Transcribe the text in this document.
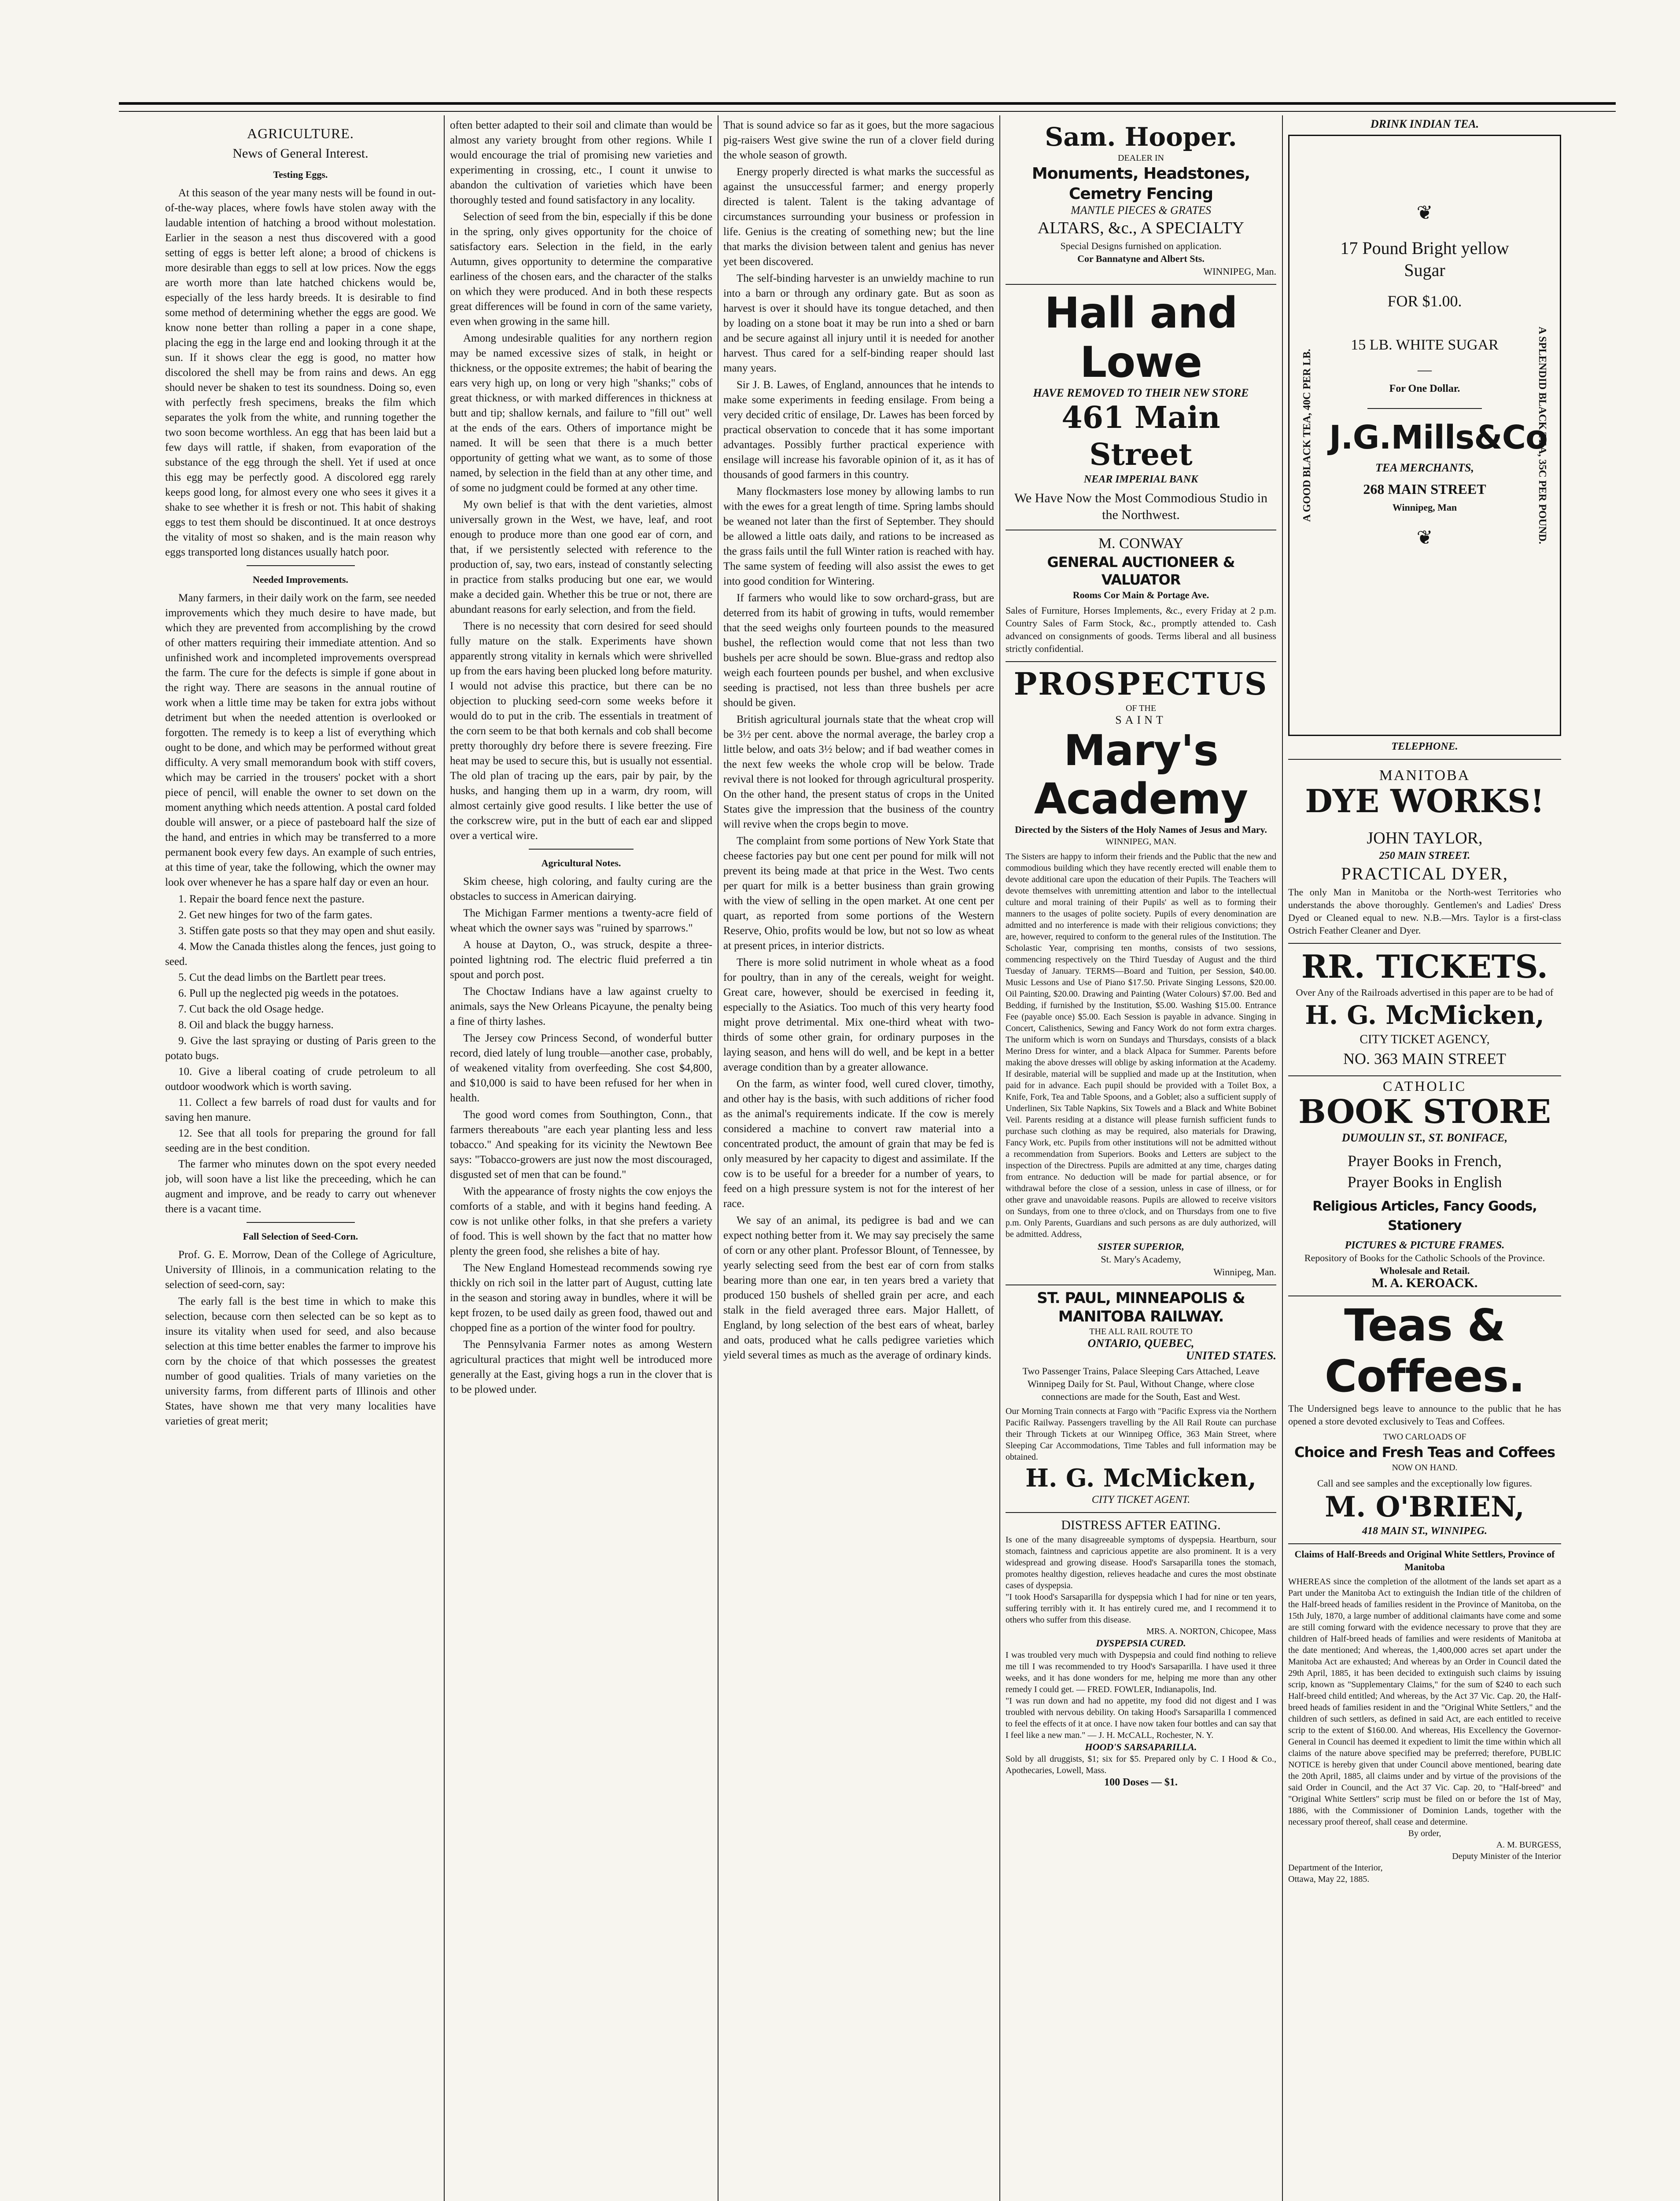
AGRICULTURE.
News of General Interest.
Testing Eggs.

At this season of the year many nests will be found in out-of-the-way places, where fowls have stolen away with the laudable intention of hatching a brood without molestation. Earlier in the season a nest thus discovered with a good setting of eggs is better left alone; a brood of chickens is more desirable than eggs to sell at low prices. Now the eggs are worth more than late hatched chickens would be, especially of the less hardy breeds. It is desirable to find some method of determining whether the eggs are good. We know none better than rolling a paper in a cone shape, placing the egg in the large end and looking through it at the sun. If it shows clear the egg is good, no matter how discolored the shell may be from rains and dews. An egg should never be shaken to test its soundness. Doing so, even with perfectly fresh specimens, breaks the film which separates the yolk from the white, and running together the two soon become worthless. An egg that has been laid but a few days will rattle, if shaken, from evaporation of the substance of the egg through the shell. Yet if used at once this egg may be perfectly good. A discolored egg rarely keeps good long, for almost every one who sees it gives it a shake to see whether it is fresh or not. This habit of shaking eggs to test them should be discontinued. It at once destroys the vitality of most so shaken, and is the main reason why eggs transported long distances usually hatch poor.

Needed Improvements.

Many farmers, in their daily work on the farm, see needed improvements which they much desire to have made, but which they are prevented from accomplishing by the crowd of other matters requiring their immediate attention. And so unfinished work and incompleted improvements overspread the farm. The cure for the defects is simple if gone about in the right way. There are seasons in the annual routine of work when a little time may be taken for extra jobs without detriment but when the needed attention is overlooked or forgotten. The remedy is to keep a list of everything which ought to be done, and which may be performed without great difficulty. A very small memorandum book with stiff covers, which may be carried in the trousers' pocket with a short piece of pencil, will enable the owner to set down on the moment anything which needs attention. A postal card folded double will answer, or a piece of pasteboard half the size of the hand, and entries in which may be transferred to a more permanent book every few days. An example of such entries, at this time of year, take the following, which the owner may look over whenever he has a spare half day or even an hour.

1. Repair the board fence next the pasture.
2. Get new hinges for two of the farm gates.
3. Stiffen gate posts so that they may open and shut easily.
4. Mow the Canada thistles along the fences, just going to seed.
5. Cut the dead limbs on the Bartlett pear trees.
6. Pull up the neglected pig weeds in the potatoes.
7. Cut back the old Osage hedge.
8. Oil and black the buggy harness.
9. Give the last spraying or dusting of Paris green to the potato bugs.
10. Give a liberal coating of crude petroleum to all outdoor woodwork which is worth saving.
11. Collect a few barrels of road dust for vaults and for saving hen manure.
12. See that all tools for preparing the ground for fall seeding are in the best condition.

The farmer who minutes down on the spot every needed job, will soon have a list like the preceeding, which he can augment and improve, and be ready to carry out whenever there is a vacant time.

Fall Selection of Seed-Corn.

Prof. G. E. Morrow, Dean of the College of Agriculture, University of Illinois, in a communication relating to the selection of seed-corn, say:

The early fall is the best time in which to make this selection, because corn then selected can be so kept as to insure its vitality when used for seed, and also because selection at this time better enables the farmer to improve his corn by the choice of that which possesses the greatest number of good qualities. Trials of many varieties on the university farms, from different parts of Illinois and other States, have shown me that very many localities have varieties of great merit;

often better adapted to their soil and climate than would be almost any variety brought from other regions. While I would encourage the trial of promising new varieties and experimenting in crossing, etc., I count it unwise to abandon the cultivation of varieties which have been thoroughly tested and found satisfactory in any locality.

Selection of seed from the bin, especially if this be done in the spring, only gives opportunity for the choice of satisfactory ears. Selection in the field, in the early Autumn, gives opportunity to determine the comparative earliness of the chosen ears, and the character of the stalks on which they were produced. And in both these respects great differences will be found in corn of the same variety, even when growing in the same hill.

Among undesirable qualities for any northern region may be named excessive sizes of stalk, in height or thickness, or the opposite extremes; the habit of bearing the ears very high up, on long or very high "shanks;" cobs of great thickness, or with marked differences in thickness at butt and tip; shallow kernals, and failure to "fill out" well at the ends of the ears. Others of importance might be named. It will be seen that there is a much better opportunity of getting what we want, as to some of those named, by selection in the field than at any other time, and of some no judgment could be formed at any other time.

My own belief is that with the dent varieties, almost universally grown in the West, we have, leaf, and root enough to produce more than one good ear of corn, and that, if we persistently selected with reference to the production of, say, two ears, instead of constantly selecting in practice from stalks producing but one ear, we would make a decided gain. Whether this be true or not, there are abundant reasons for early selection, and from the field.

There is no necessity that corn desired for seed should fully mature on the stalk. Experiments have shown apparently strong vitality in kernals which were shrivelled up from the ears having been plucked long before maturity. I would not advise this practice, but there can be no objection to plucking seed-corn some weeks before it would do to put in the crib. The essentials in treatment of the corn seem to be that both kernals and cob shall become pretty thoroughly dry before there is severe freezing. Fire heat may be used to secure this, but is usually not essential. The old plan of tracing up the ears, pair by pair, by the husks, and hanging them up in a warm, dry room, will almost certainly give good results. I like better the use of the corkscrew wire, put in the butt of each ear and slipped over a vertical wire.

Agricultural Notes.

Skim cheese, high coloring, and faulty curing are the obstacles to success in American dairying.

The Michigan Farmer mentions a twenty-acre field of wheat which the owner says was "ruined by sparrows."

A house at Dayton, O., was struck, despite a three-pointed lightning rod. The electric fluid preferred a tin spout and porch post.

The Choctaw Indians have a law against cruelty to animals, says the New Orleans Picayune, the penalty being a fine of thirty lashes.

The Jersey cow Princess Second, of wonderful butter record, died lately of lung trouble—another case, probably, of weakened vitality from overfeeding. She cost $4,800, and $10,000 is said to have been refused for her when in health.

The good word comes from Southington, Conn., that farmers thereabouts "are each year planting less and less tobacco." And speaking for its vicinity the Newtown Bee says: "Tobacco-growers are just now the most discouraged, disgusted set of men that can be found."

With the appearance of frosty nights the cow enjoys the comforts of a stable, and with it begins hand feeding. A cow is not unlike other folks, in that she prefers a variety of food. This is well shown by the fact that no matter how plenty the green food, she relishes a bite of hay.

The New England Homestead recommends sowing rye thickly on rich soil in the latter part of August, cutting late in the season and storing away in bundles, where it will be kept frozen, to be used daily as green food, thawed out and chopped fine as a portion of the winter food for poultry.

The Pennsylvania Farmer notes as among Western agricultural practices that might well be introduced more generally at the East, giving hogs a run in the clover that is to be plowed under.

That is sound advice so far as it goes, but the more sagacious pig-raisers West give swine the run of a clover field during the whole season of growth.

Energy properly directed is what marks the successful as against the unsuccessful farmer; and energy properly directed is talent. Talent is the taking advantage of circumstances surrounding your business or profession in life. Genius is the creating of something new; but the line that marks the division between talent and genius has never yet been discovered.

The self-binding harvester is an unwieldy machine to run into a barn or through any ordinary gate. But as soon as harvest is over it should have its tongue detached, and then by loading on a stone boat it may be run into a shed or barn and be secure against all injury until it is needed for another harvest. Thus cared for a self-binding reaper should last many years.

Sir J. B. Lawes, of England, announces that he intends to make some experiments in feeding ensilage. From being a very decided critic of ensilage, Dr. Lawes has been forced by practical observation to concede that it has some important advantages. Possibly further practical experience with ensilage will increase his favorable opinion of it, as it has of thousands of good farmers in this country.

Many flockmasters lose money by allowing lambs to run with the ewes for a great length of time. Spring lambs should be weaned not later than the first of September. They should be allowed a little oats daily, and rations to be increased as the grass fails until the full Winter ration is reached with hay. The same system of feeding will also assist the ewes to get into good condition for Wintering.

If farmers who would like to sow orchard-grass, but are deterred from its habit of growing in tufts, would remember that the seed weighs only fourteen pounds to the measured bushel, the reflection would come that not less than two bushels per acre should be sown. Blue-grass and redtop also weigh each fourteen pounds per bushel, and when exclusive seeding is practised, not less than three bushels per acre should be given.

British agricultural journals state that the wheat crop will be 3½ per cent. above the normal average, the barley crop a little below, and oats 3½ below; and if bad weather comes in the next few weeks the whole crop will be below. Trade revival there is not looked for through agricultural prosperity. On the other hand, the present status of crops in the United States give the impression that the business of the country will revive when the crops begin to move.

The complaint from some portions of New York State that cheese factories pay but one cent per pound for milk will not prevent its being made at that price in the West. Two cents per quart for milk is a better business than grain growing with the view of selling in the open market. At one cent per quart, as reported from some portions of the Western Reserve, Ohio, profits would be low, but not so low as wheat at present prices, in interior districts.

There is more solid nutriment in whole wheat as a food for poultry, than in any of the cereals, weight for weight. Great care, however, should be exercised in feeding it, especially to the Asiatics. Too much of this very hearty food might prove detrimental. Mix one-third wheat with two-thirds of some other grain, for ordinary purposes in the laying season, and hens will do well, and be kept in a better average condition than by a greater allowance.

On the farm, as winter food, well cured clover, timothy, and other hay is the basis, with such additions of richer food as the animal's requirements indicate. If the cow is merely considered a machine to convert raw material into a concentrated product, the amount of grain that may be fed is only measured by her capacity to digest and assimilate. If the cow is to be useful for a breeder for a number of years, to feed on a high pressure system is not for the interest of her race.

We say of an animal, its pedigree is bad and we can expect nothing better from it. We may say precisely the same of corn or any other plant. Professor Blount, of Tennessee, by yearly selecting seed from the best ear of corn from stalks bearing more than one ear, in ten years bred a variety that produced 150 bushels of shelled grain per acre, and each stalk in the field averaged three ears. Major Hallett, of England, by long selection of the best ears of wheat, barley and oats, produced what he calls pedigree varieties which yield several times as much as the average of ordinary kinds.

Sam. Hooper.
DEALER IN
Monuments, Headstones, Cemetry Fencing
MANTLE PIECES & GRATES
ALTARS, &c., A SPECIALTY
Special Designs furnished on application.
Cor Bannatyne and Albert Sts.
WINNIPEG, Man.
Hall and Lowe
HAVE REMOVED TO THEIR NEW STORE
461 Main Street
NEAR IMPERIAL BANK
We Have Now the Most Commodious Studio in the Northwest.
M. CONWAY
GENERAL AUCTIONEER & VALUATOR
Rooms Cor Main & Portage Ave.
Sales of Furniture, Horses Implements, &c., every Friday at 2 p.m. Country Sales of Farm Stock, &c., promptly attended to. Cash advanced on consignments of goods. Terms liberal and all business strictly confidential.
PROSPECTUS
OF THE
SAINT
Mary's Academy
Directed by the Sisters of the Holy Names of Jesus and Mary.
WINNIPEG, MAN.
The Sisters are happy to inform their friends and the Public that the new and commodious building which they have recently erected will enable them to devote additional care upon the education of their Pupils. The Teachers will devote themselves with unremitting attention and labor to the intellectual culture and moral training of their Pupils' as well as to forming their manners to the usages of polite society. Pupils of every denomination are admitted and no interference is made with their religious convictions; they are, however, required to conform to the general rules of the Institution. The Scholastic Year, comprising ten months, consists of two sessions, commencing respectively on the Third Tuesday of August and the third Tuesday of January. TERMS—Board and Tuition, per Session, $40.00. Music Lessons and Use of Piano $17.50. Private Singing Lessons, $20.00. Oil Painting, $20.00. Drawing and Painting (Water Colours) $7.00. Bed and Bedding, if furnished by the Institution, $5.00. Washing $15.00. Entrance Fee (payable once) $5.00. Each Session is payable in advance. Singing in Concert, Calisthenics, Sewing and Fancy Work do not form extra charges. The uniform which is worn on Sundays and Thursdays, consists of a black Merino Dress for winter, and a black Alpaca for Summer. Parents before making the above dresses will oblige by asking information at the Academy. If desirable, material will be supplied and made up at the Institution, when paid for in advance. Each pupil should be provided with a Toilet Box, a Knife, Fork, Tea and Table Spoons, and a Goblet; also a sufficient supply of Underlinen, Six Table Napkins, Six Towels and a Black and White Bobinet Veil. Parents residing at a distance will please furnish sufficient funds to purchase such clothing as may be required, also materials for Drawing, Fancy Work, etc. Pupils from other institutions will not be admitted without a recommendation from Superiors. Books and Letters are subject to the inspection of the Directress. Pupils are admitted at any time, charges dating from entrance. No deduction will be made for partial absence, or for withdrawal before the close of a session, unless in case of illness, or for other grave and unavoidable reasons. Pupils are allowed to receive visitors on Sundays, from one to three o'clock, and on Thursdays from one to five p.m. Only Parents, Guardians and such persons as are duly authorized, will be admitted. Address,
SISTER SUPERIOR,
St. Mary's Academy,
Winnipeg, Man.
ST. PAUL, MINNEAPOLIS & MANITOBA RAILWAY.
THE ALL RAIL ROUTE TO
ONTARIO, QUEBEC,
UNITED STATES.
Two Passenger Trains, Palace Sleeping Cars Attached, Leave Winnipeg Daily for St. Paul, Without Change, where close connections are made for the South, East and West.
Our Morning Train connects at Fargo with "Pacific Express via the Northern Pacific Railway. Passengers travelling by the All Rail Route can purchase their Through Tickets at our Winnipeg Office, 363 Main Street, where Sleeping Car Accommodations, Time Tables and full information may be obtained.
H. G. McMicken,
CITY TICKET AGENT.
DISTRESS AFTER EATING.
Is one of the many disagreeable symptoms of dyspepsia. Heartburn, sour stomach, faintness and capricious appetite are also prominent. It is a very widespread and growing disease. Hood's Sarsaparilla tones the stomach, promotes healthy digestion, relieves headache and cures the most obstinate cases of dyspepsia.
"I took Hood's Sarsaparilla for dyspepsia which I had for nine or ten years, suffering terribly with it. It has entirely cured me, and I recommend it to others who suffer from this disease.
MRS. A. NORTON, Chicopee, Mass
DYSPEPSIA CURED.
I was troubled very much with Dyspepsia and could find nothing to relieve me till I was recommended to try Hood's Sarsaparilla. I have used it three weeks, and it has done wonders for me, helping me more than any other remedy I could get. — FRED. FOWLER, Indianapolis, Ind.
"I was run down and had no appetite, my food did not digest and I was troubled with nervous debility. On taking Hood's Sarsaparilla I commenced to feel the effects of it at once. I have now taken four bottles and can say that I feel like a new man." — J. H. McCALL, Rochester, N. Y.
HOOD'S SARSAPARILLA.
Sold by all druggists, $1; six for $5. Prepared only by C. I Hood & Co., Apothecaries, Lowell, Mass.
100 Doses — $1.
DRINK INDIAN TEA.
A GOOD BLACK TEA, 40C PER LB.	A SPLENDID BLACK TEA, 35C PER POUND.
❦
17 Pound Bright yellow Sugar
FOR $1.00.
15 LB. WHITE SUGAR
—
For One Dollar.
J.G.Mills&Co
TEA MERCHANTS,
268 MAIN STREET
Winnipeg, Man
❦
TELEPHONE.
MANITOBA
DYE WORKS!
JOHN TAYLOR,
250 MAIN STREET.
PRACTICAL DYER,
The only Man in Manitoba or the North-west Territories who understands the above thoroughly. Gentlemen's and Ladies' Dress Dyed or Cleaned equal to new. N.B.—Mrs. Taylor is a first-class Ostrich Feather Cleaner and Dyer.
RR. TICKETS.
Over Any of the Railroads advertised in this paper are to be had of
H. G. McMicken,
CITY TICKET AGENCY,
NO. 363 MAIN STREET
CATHOLIC
BOOK STORE
DUMOULIN ST., ST. BONIFACE,
Prayer Books in French,
Prayer Books in English
Religious Articles, Fancy Goods, Stationery
PICTURES & PICTURE FRAMES.
Repository of Books for the Catholic Schools of the Province.
Wholesale and Retail.
M. A. KEROACK.
Teas & Coffees.
The Undersigned begs leave to announce to the public that he has opened a store devoted exclusively to Teas and Coffees.
TWO CARLOADS OF
Choice and Fresh Teas and Coffees
NOW ON HAND.
Call and see samples and the exceptionally low figures.
M. O'BRIEN,
418 MAIN ST., WINNIPEG.
Claims of Half-Breeds and Original White Settlers, Province of Manitoba
WHEREAS since the completion of the allotment of the lands set apart as a Part under the Manitoba Act to extinguish the Indian title of the children of the Half-breed heads of families resident in the Province of Manitoba, on the 15th July, 1870, a large number of additional claimants have come and some are still coming forward with the evidence necessary to prove that they are children of Half-breed heads of families and were residents of Manitoba at the date mentioned; And whereas, the 1,400,000 acres set apart under the Manitoba Act are exhausted; And whereas by an Order in Council dated the 29th April, 1885, it has been decided to extinguish such claims by issuing scrip, known as "Supplementary Claims," for the sum of $240 to each such Half-breed child entitled; And whereas, by the Act 37 Vic. Cap. 20, the Half-breed heads of families resident in and the "Original White Settlers," and the children of such settlers, as defined in said Act, are each entitled to receive scrip to the extent of $160.00. And whereas, His Excellency the Governor-General in Council has deemed it expedient to limit the time within which all claims of the nature above specified may be preferred; therefore, PUBLIC NOTICE is hereby given that under Council above mentioned, bearing date the 20th April, 1885, all claims under and by virtue of the provisions of the said Order in Council, and the Act 37 Vic. Cap. 20, to "Half-breed" and "Original White Settlers" scrip must be filed on or before the 1st of May, 1886, with the Commissioner of Dominion Lands, together with the necessary proof thereof, shall cease and determine.
By order,
A. M. BURGESS,
Deputy Minister of the Interior
Department of the Interior,
Ottawa, May 22, 1885.
